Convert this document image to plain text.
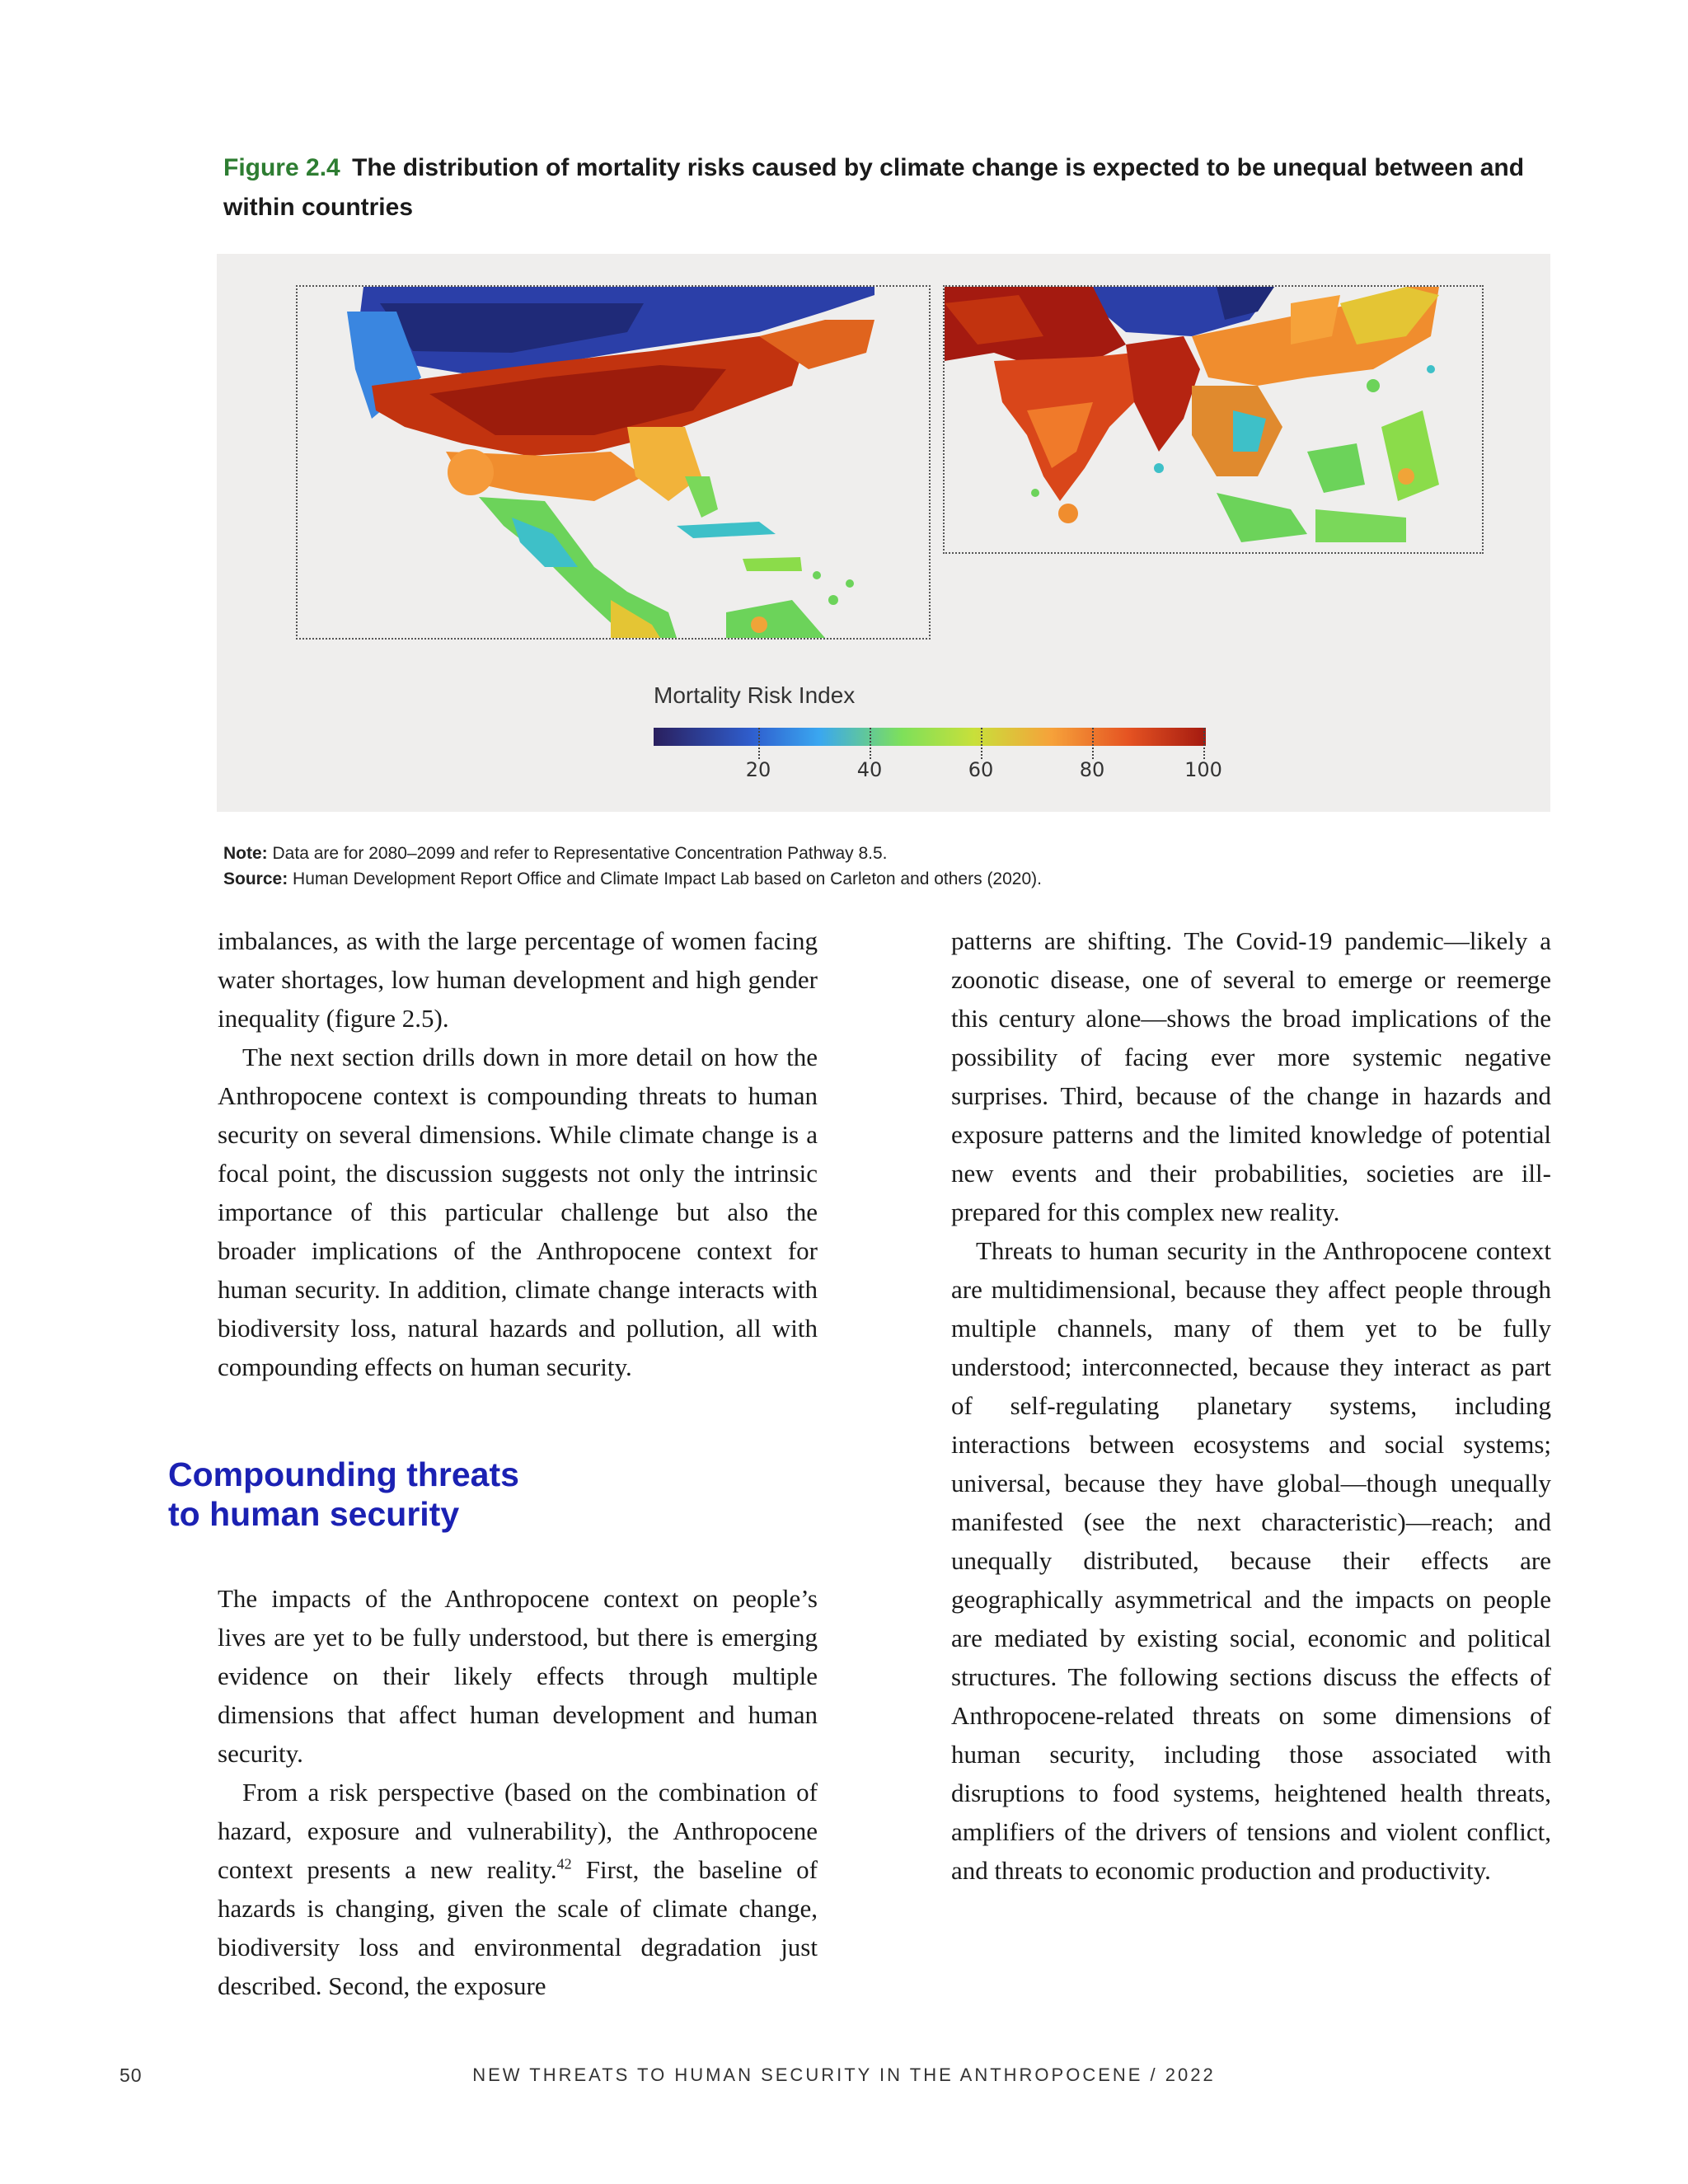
Figure 2.4 The distribution of mortality risks caused by climate change is expected to be unequal between and within countries
Mortality Risk Index
20	40	60	80	100
Note: Data are for 2080–2099 and refer to Representative Concentration Pathway 8.5.
Source: Human Development Report Office and Climate Impact Lab based on Carleton and others (2020).

imbalances, as with the large percentage of women facing water shortages, low human development and high gender inequality (figure 2.5).

The next section drills down in more detail on how the Anthropocene context is compounding threats to human security on several dimensions. While climate change is a focal point, the discussion suggests not only the intrinsic importance of this particular challenge but also the broader implications of the Anthropocene context for human security. In addition, climate change interacts with biodiversity loss, natural hazards and pollution, all with compounding effects on human security.

Compounding threats
to human security

The impacts of the Anthropocene context on people’s lives are yet to be fully understood, but there is emerging evidence on their likely effects through multiple dimensions that affect human development and human security.

From a risk perspective (based on the combination of hazard, exposure and vulnerability), the Anthropocene context presents a new reality.$^{42}$ First, the baseline of hazards is changing, given the scale of climate change, biodiversity loss and environmental degradation just described. Second, the exposure

patterns are shifting. The Covid-19 pandemic—likely a zoonotic disease, one of several to emerge or reemerge this century alone—shows the broad implications of the possibility of facing ever more systemic negative surprises. Third, because of the change in hazards and exposure patterns and the limited knowledge of potential new events and their probabilities, societies are ill-prepared for this complex new reality.

Threats to human security in the Anthropocene context are multidimensional, because they affect people through multiple channels, many of them yet to be fully understood; interconnected, because they interact as part of self-regulating planetary systems, including interactions between ecosystems and social systems; universal, because they have global—though unequally manifested (see the next characteristic)—reach; and unequally distributed, because their effects are geographically asymmetrical and the impacts on people are mediated by existing social, economic and political structures. The following sections discuss the effects of Anthropocene-related threats on some dimensions of human security, including those associated with disruptions to food systems, heightened health threats, amplifiers of the drivers of tensions and violent conflict, and threats to economic production and productivity.

NEW THREATS TO HUMAN SECURITY IN THE ANTHROPOCENE / 2022
50
